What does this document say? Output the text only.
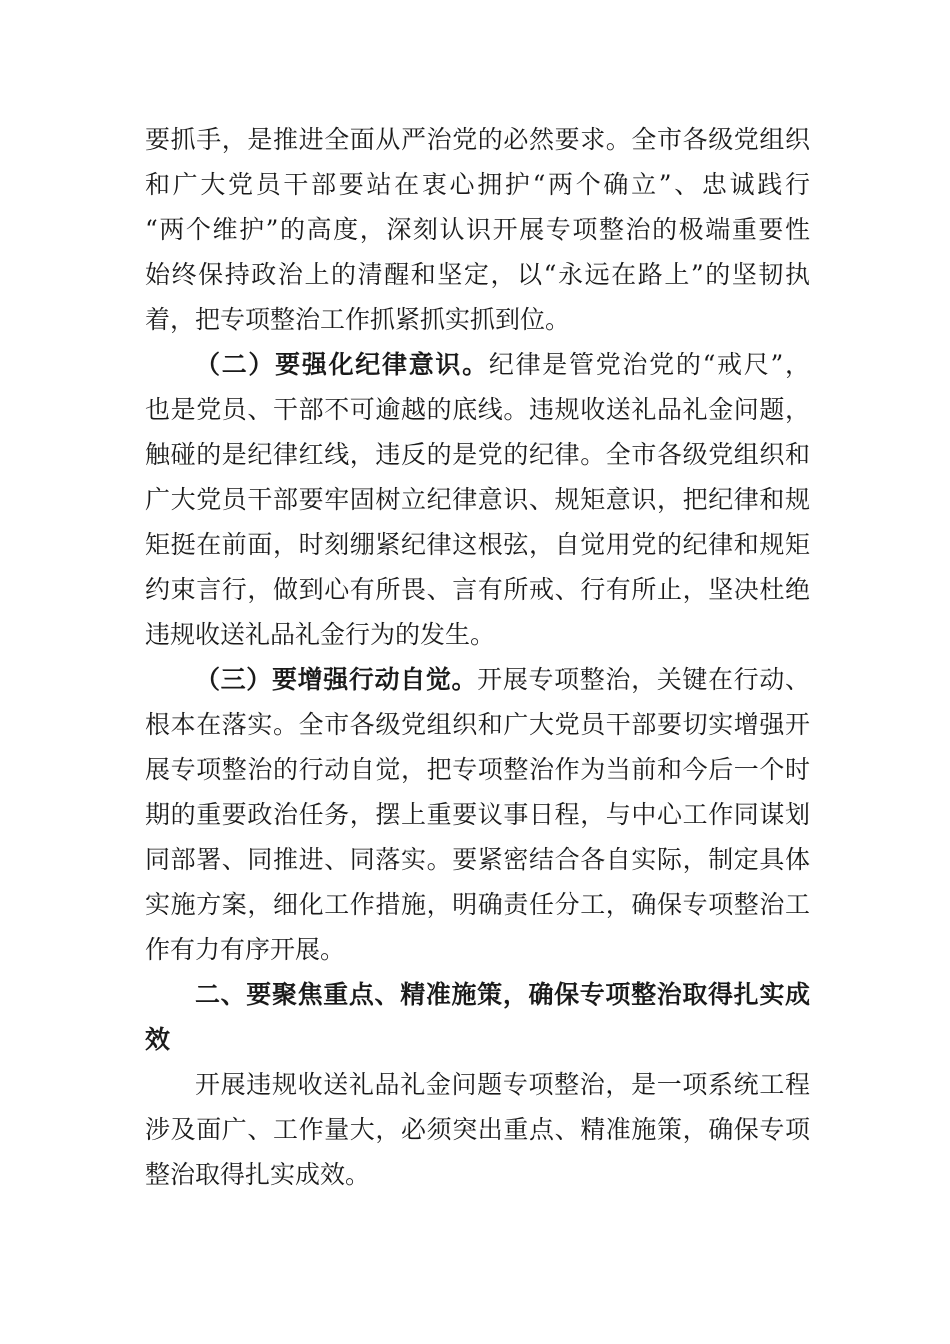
要抓手，是推进全面从严治党的必然要求。全市各级党组织
和广大党员干部要站在衷心拥护“两个确立”、忠诚践行
“两个维护”的高度，深刻认识开展专项整治的极端重要性
始终保持政治上的清醒和坚定，以“永远在路上”的坚韧执
着，把专项整治工作抓紧抓实抓到位。
（二）要强化纪律意识。纪律是管党治党的“戒尺”，
也是党员、干部不可逾越的底线。违规收送礼品礼金问题，
触碰的是纪律红线，违反的是党的纪律。全市各级党组织和
广大党员干部要牢固树立纪律意识、规矩意识，把纪律和规
矩挺在前面，时刻绷紧纪律这根弦，自觉用党的纪律和规矩
约束言行，做到心有所畏、言有所戒、行有所止，坚决杜绝
违规收送礼品礼金行为的发生。
（三）要增强行动自觉。开展专项整治，关键在行动、
根本在落实。全市各级党组织和广大党员干部要切实增强开
展专项整治的行动自觉，把专项整治作为当前和今后一个时
期的重要政治任务，摆上重要议事日程，与中心工作同谋划
同部署、同推进、同落实。要紧密结合各自实际，制定具体
实施方案，细化工作措施，明确责任分工，确保专项整治工
作有力有序开展。
二、要聚焦重点、精准施策，确保专项整治取得扎实成
效
开展违规收送礼品礼金问题专项整治，是一项系统工程
涉及面广、工作量大，必须突出重点、精准施策，确保专项
整治取得扎实成效。
